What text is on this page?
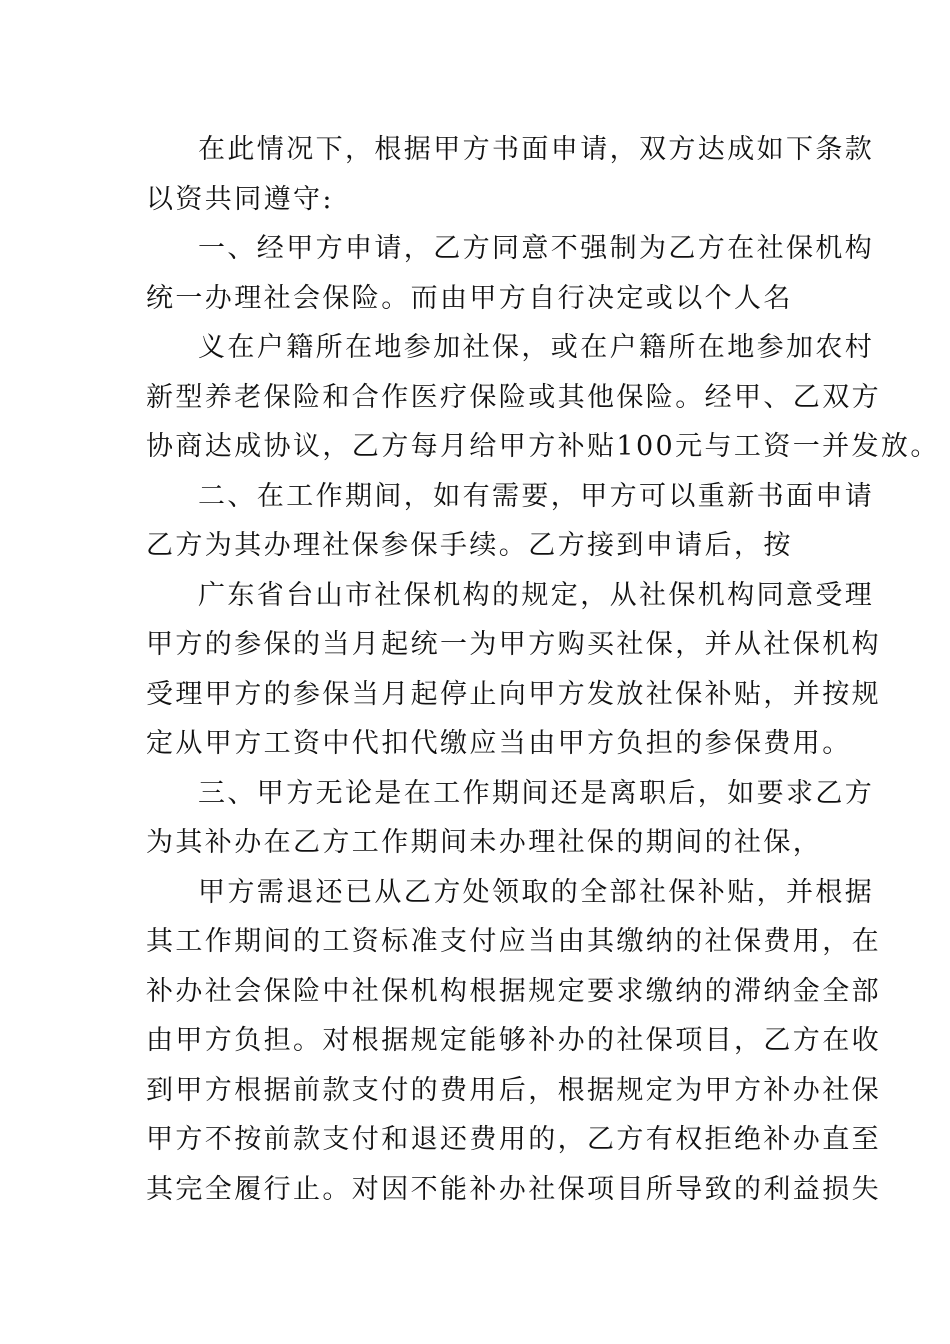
在此情况下，根据甲方书面申请，双方达成如下条款
以资共同遵守:
一、经甲方申请，乙方同意不强制为乙方在社保机构
统一办理社会保险。而由甲方自行决定或以个人名
义在户籍所在地参加社保，或在户籍所在地参加农村
新型养老保险和合作医疗保险或其他保险。经甲、乙双方
协商达成协议，乙方每月给甲方补贴100元与工资一并发放。
二、在工作期间，如有需要，甲方可以重新书面申请
乙方为其办理社保参保手续。乙方接到申请后，按
广东省台山市社保机构的规定，从社保机构同意受理
甲方的参保的当月起统一为甲方购买社保，并从社保机构
受理甲方的参保当月起停止向甲方发放社保补贴，并按规
定从甲方工资中代扣代缴应当由甲方负担的参保费用。
三、甲方无论是在工作期间还是离职后，如要求乙方
为其补办在乙方工作期间未办理社保的期间的社保，
甲方需退还已从乙方处领取的全部社保补贴，并根据
其工作期间的工资标准支付应当由其缴纳的社保费用，在
补办社会保险中社保机构根据规定要求缴纳的滞纳金全部
由甲方负担。对根据规定能够补办的社保项目，乙方在收
到甲方根据前款支付的费用后，根据规定为甲方补办社保
甲方不按前款支付和退还费用的，乙方有权拒绝补办直至
其完全履行止。对因不能补办社保项目所导致的利益损失
